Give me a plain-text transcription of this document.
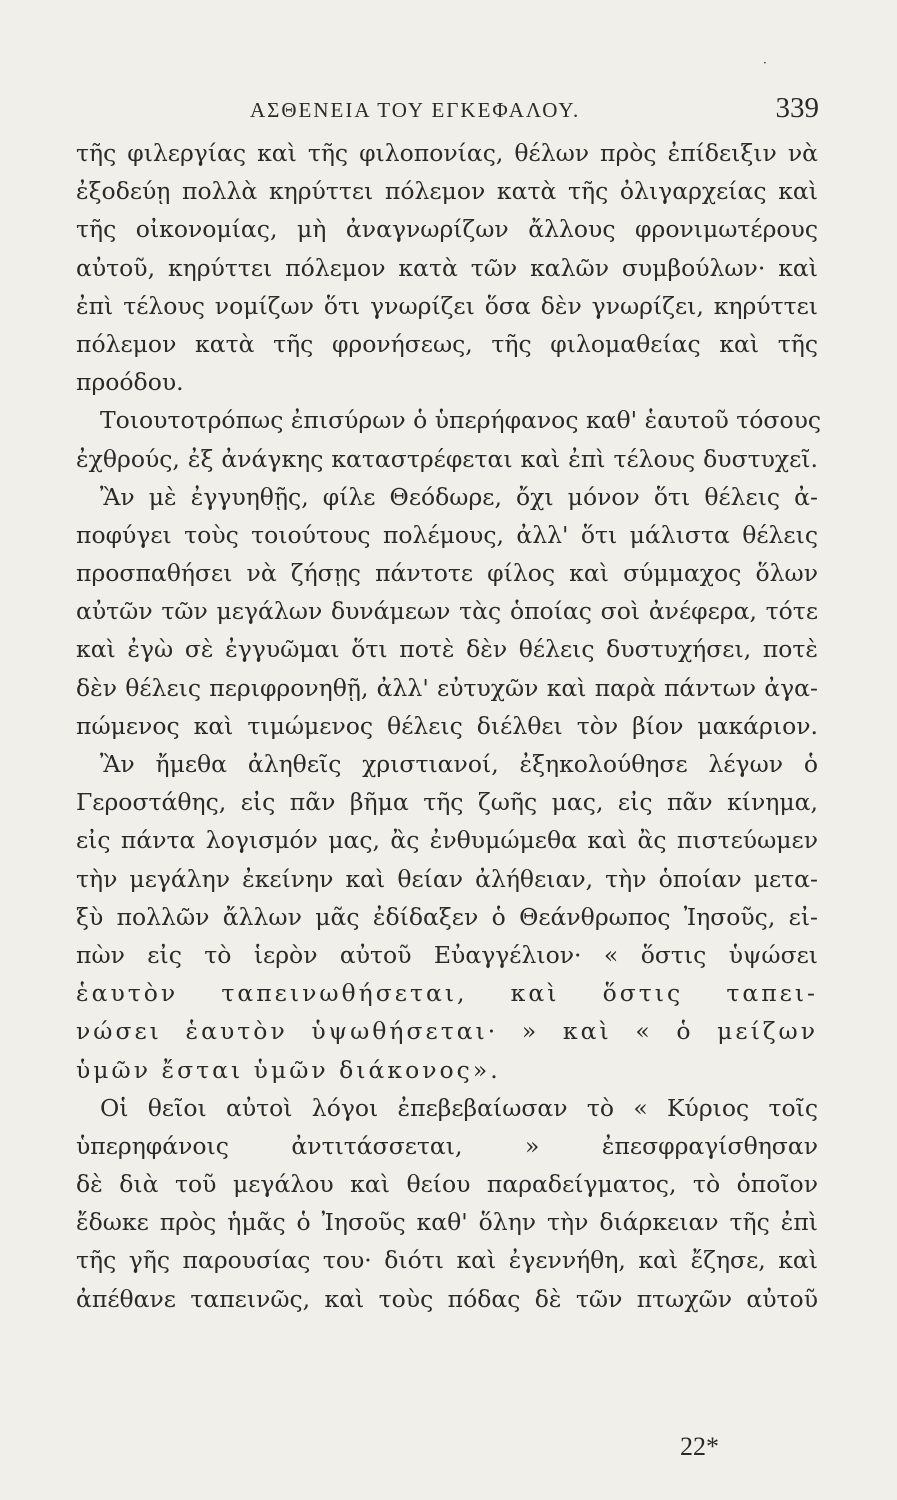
·
ΑΣΘΕΝΕΙΑ ΤΟΥ ΕΓΚΕΦΑΛΟΥ.	339
τῆς φιλεργίας καὶ τῆς φιλοπονίας, θέλων πρὸς ἐπίδειξιν νὰ
ἐξοδεύῃ πολλὰ κηρύττει πόλεμον κατὰ τῆς ὀλιγαρχείας καὶ
τῆς οἰκονομίας, μὴ ἀναγνωρίζων ἄλλους φρονιμωτέρους
αὐτοῦ, κηρύττει πόλεμον κατὰ τῶν καλῶν συμβούλων· καὶ
ἐπὶ τέλους νομίζων ὅτι γνωρίζει ὅσα δὲν γνωρίζει, κηρύττει
πόλεμον κατὰ τῆς φρονήσεως, τῆς φιλομαθείας καὶ τῆς
προόδου.
Τοιουτοτρόπως ἐπισύρων ὁ ὑπερήφανος καθ' ἑαυτοῦ τόσους
ἐχθρούς, ἐξ ἀνάγκης καταστρέφεται καὶ ἐπὶ τέλους δυστυχεῖ.
Ἂν μὲ ἐγγυηθῇς, φίλε Θεόδωρε, ὄχι μόνον ὅτι θέλεις ἀ-
ποφύγει τοὺς τοιούτους πολέμους, ἀλλ' ὅτι μάλιστα θέλεις
προσπαθήσει νὰ ζήσῃς πάντοτε φίλος καὶ σύμμαχος ὅλων
αὐτῶν τῶν μεγάλων δυνάμεων τὰς ὁποίας σοὶ ἀνέφερα, τότε
καὶ ἐγὼ σὲ ἐγγυῶμαι ὅτι ποτὲ δὲν θέλεις δυστυχήσει, ποτὲ
δὲν θέλεις περιφρονηθῇ, ἀλλ' εὐτυχῶν καὶ παρὰ πάντων ἀγα-
πώμενος καὶ τιμώμενος θέλεις διέλθει τὸν βίον μακάριον.
Ἂν ἤμεθα ἀληθεῖς χριστιανοί, ἐξηκολούθησε λέγων ὁ
Γεροστάθης, εἰς πᾶν βῆμα τῆς ζωῆς μας, εἰς πᾶν κίνημα,
εἰς πάντα λογισμόν μας, ἂς ἐνθυμώμεθα καὶ ἂς πιστεύωμεν
τὴν μεγάλην ἐκείνην καὶ θείαν ἀλήθειαν, τὴν ὁποίαν μετα-
ξὺ πολλῶν ἄλλων μᾶς ἐδίδαξεν ὁ Θεάνθρωπος Ἰησοῦς, εἰ-
πὼν εἰς τὸ ἱερὸν αὐτοῦ Εὐαγγέλιον· « ὅστις ὑψώσει
ἑαυτὸν ταπεινωθήσεται, καὶ ὅστις ταπει-
νώσει ἑαυτὸν ὑψωθήσεται· » καὶ « ὁ μείζων
ὑμῶν ἔσται ὑμῶν διάκονος».
Οἱ θεῖοι αὐτοὶ λόγοι ἐπεβεβαίωσαν τὸ « Κύριος τοῖς
ὑπερηφάνοις ἀντιτάσσεται, » ἐπεσφραγίσθησαν
δὲ διὰ τοῦ μεγάλου καὶ θείου παραδείγματος, τὸ ὁποῖον
ἔδωκε πρὸς ἡμᾶς ὁ Ἰησοῦς καθ' ὅλην τὴν διάρκειαν τῆς ἐπὶ
τῆς γῆς παρουσίας του· διότι καὶ ἐγεννήθη, καὶ ἔζησε, καὶ
ἀπέθανε ταπεινῶς, καὶ τοὺς πόδας δὲ τῶν πτωχῶν αὐτοῦ
22*
